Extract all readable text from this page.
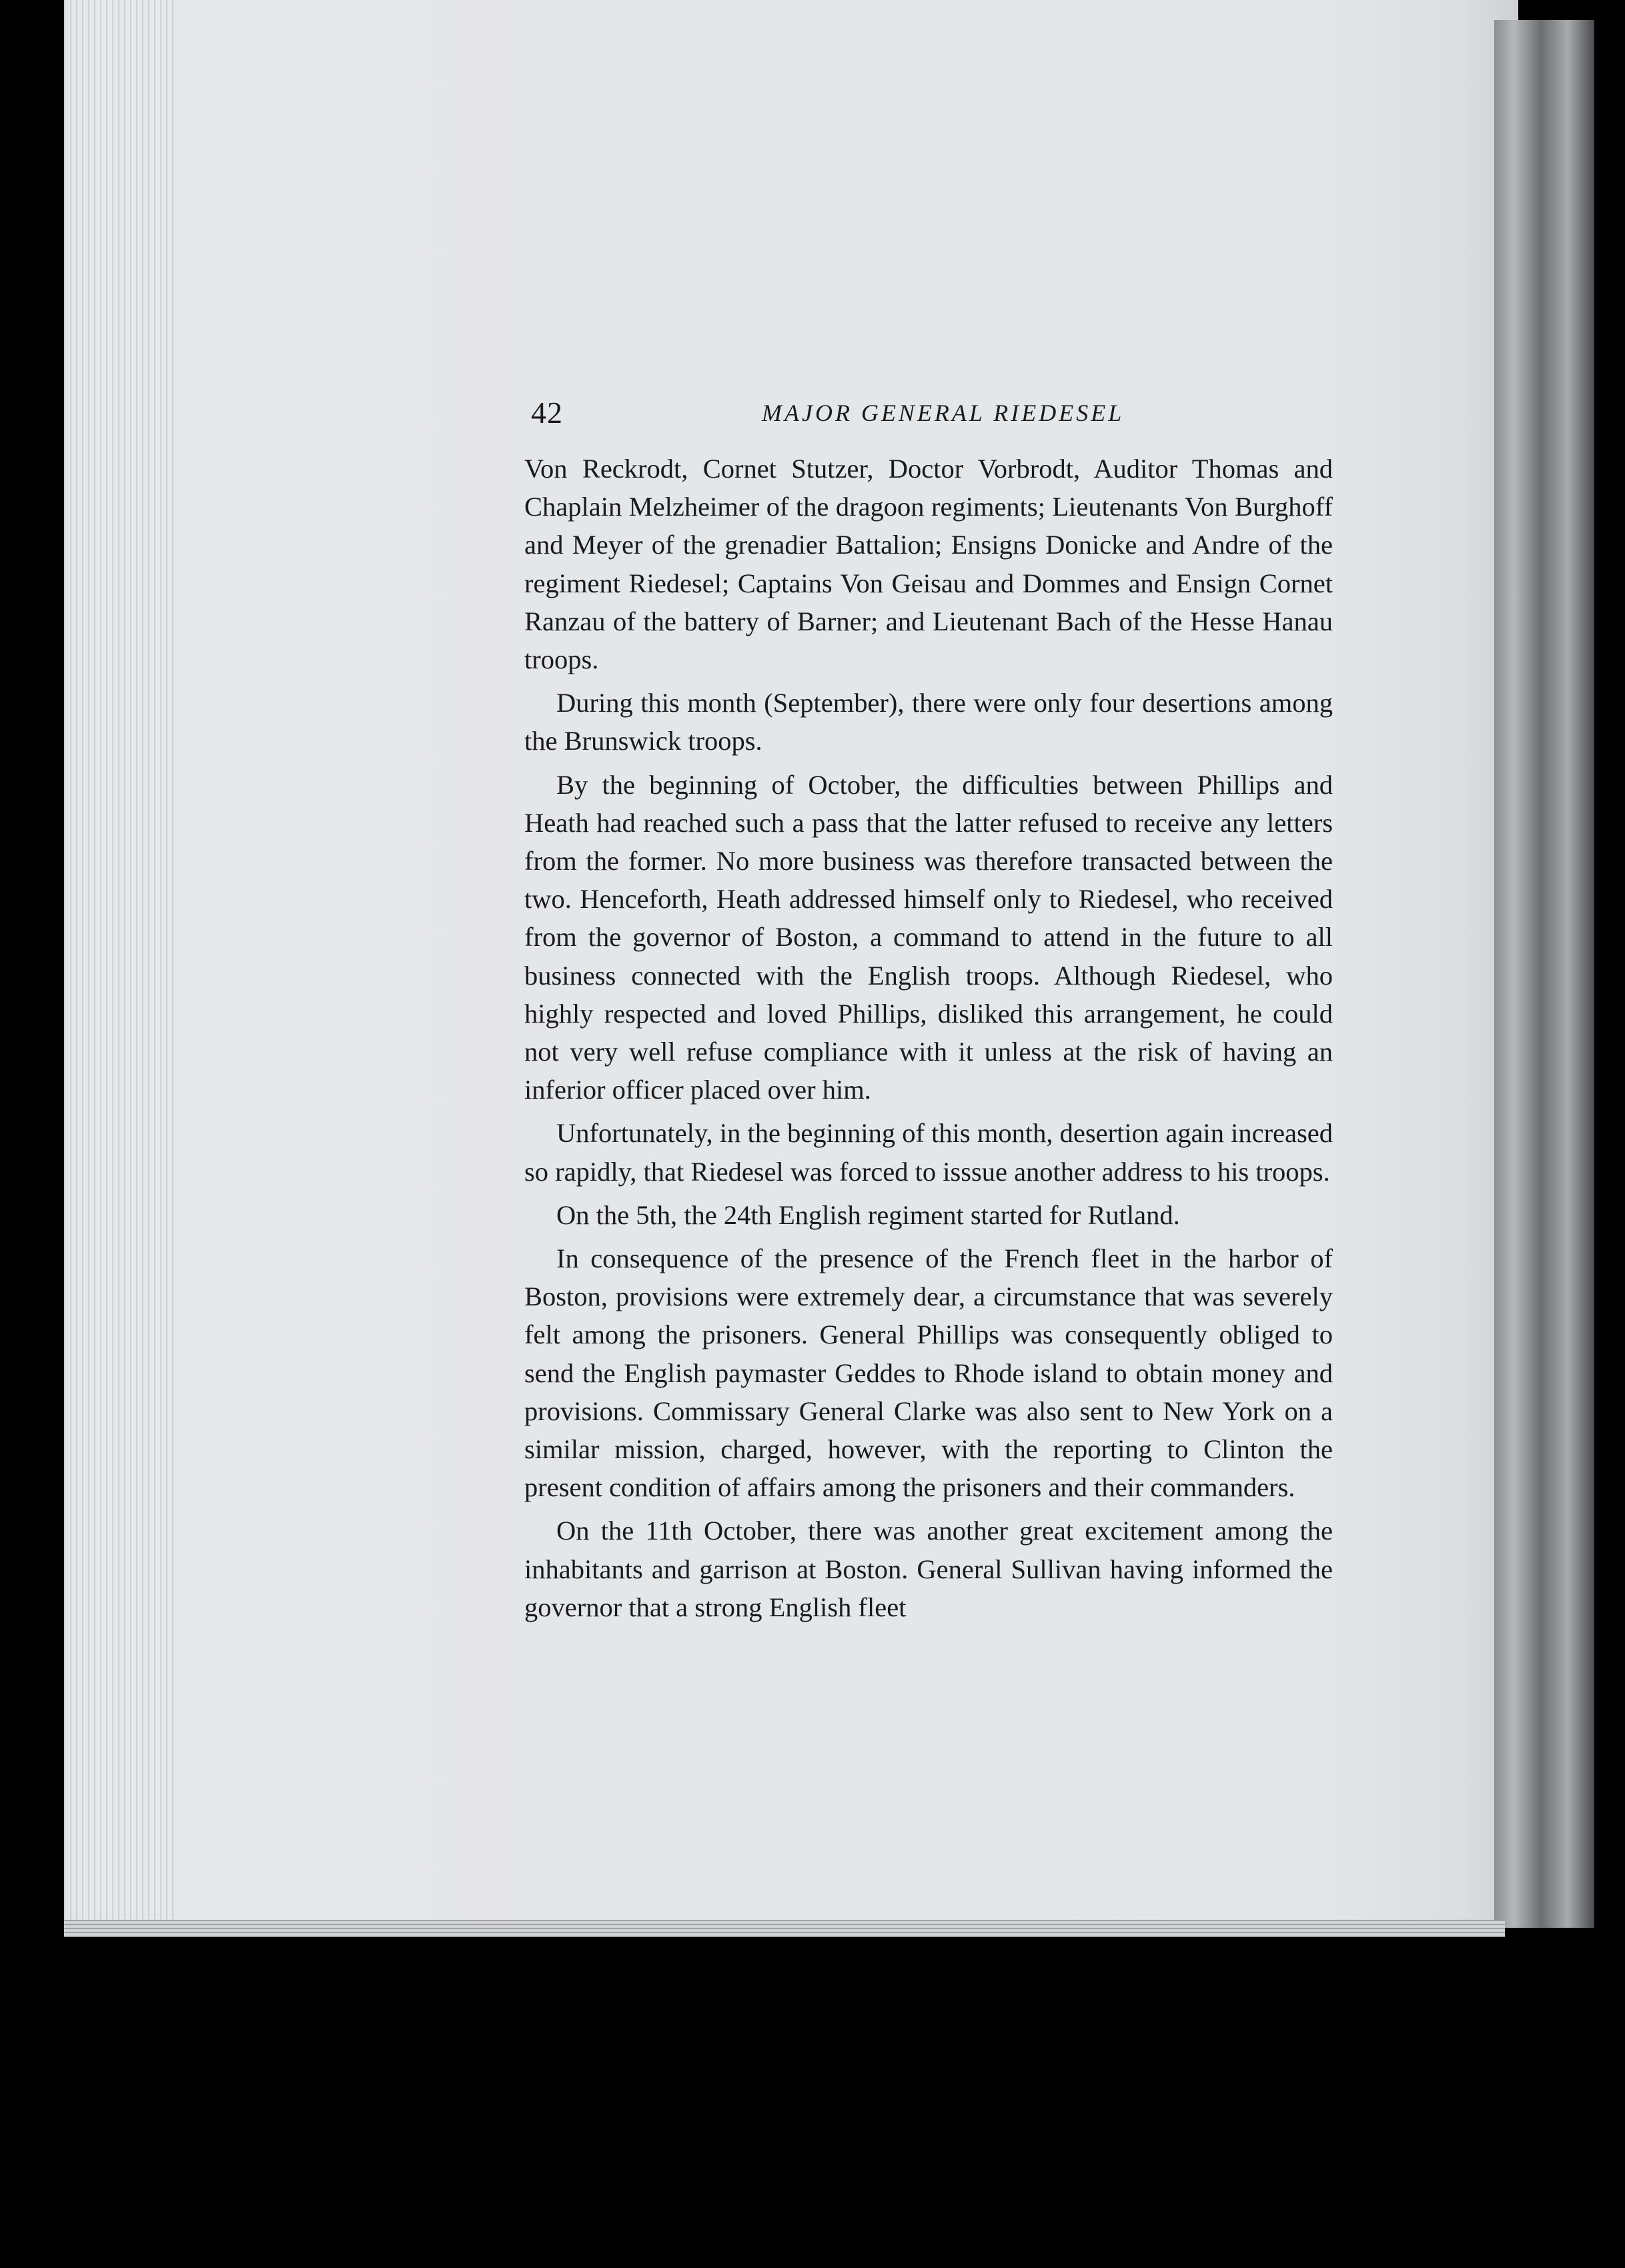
42	MAJOR GENERAL RIEDESEL

Von Reckrodt, Cornet Stutzer, Doctor Vorbrodt, Auditor Thomas and Chaplain Melzheimer of the dragoon regiments; Lieutenants Von Burghoff and Meyer of the grenadier Battalion; Ensigns Donicke and Andre of the regiment Riedesel; Captains Von Geisau and Dommes and Ensign Cornet Ranzau of the battery of Barner; and Lieutenant Bach of the Hesse Hanau troops.

During this month (September), there were only four desertions among the Brunswick troops.

By the beginning of October, the difficulties between Phillips and Heath had reached such a pass that the latter refused to receive any letters from the former. No more business was therefore transacted between the two. Henceforth, Heath addressed himself only to Riedesel, who received from the governor of Boston, a command to attend in the future to all business connected with the English troops. Although Riedesel, who highly respected and loved Phillips, disliked this arrangement, he could not very well refuse compliance with it unless at the risk of having an inferior officer placed over him.

Unfortunately, in the beginning of this month, desertion again increased so rapidly, that Riedesel was forced to isssue another address to his troops.

On the 5th, the 24th English regiment started for Rutland.

In consequence of the presence of the French fleet in the harbor of Boston, provisions were extremely dear, a circumstance that was severely felt among the prisoners. General Phillips was consequently obliged to send the English paymaster Geddes to Rhode island to obtain money and provisions. Commissary General Clarke was also sent to New York on a similar mission, charged, however, with the reporting to Clinton the present condition of affairs among the prisoners and their commanders.

On the 11th October, there was another great excitement among the inhabitants and garrison at Boston. General Sullivan having informed the governor that a strong English fleet
